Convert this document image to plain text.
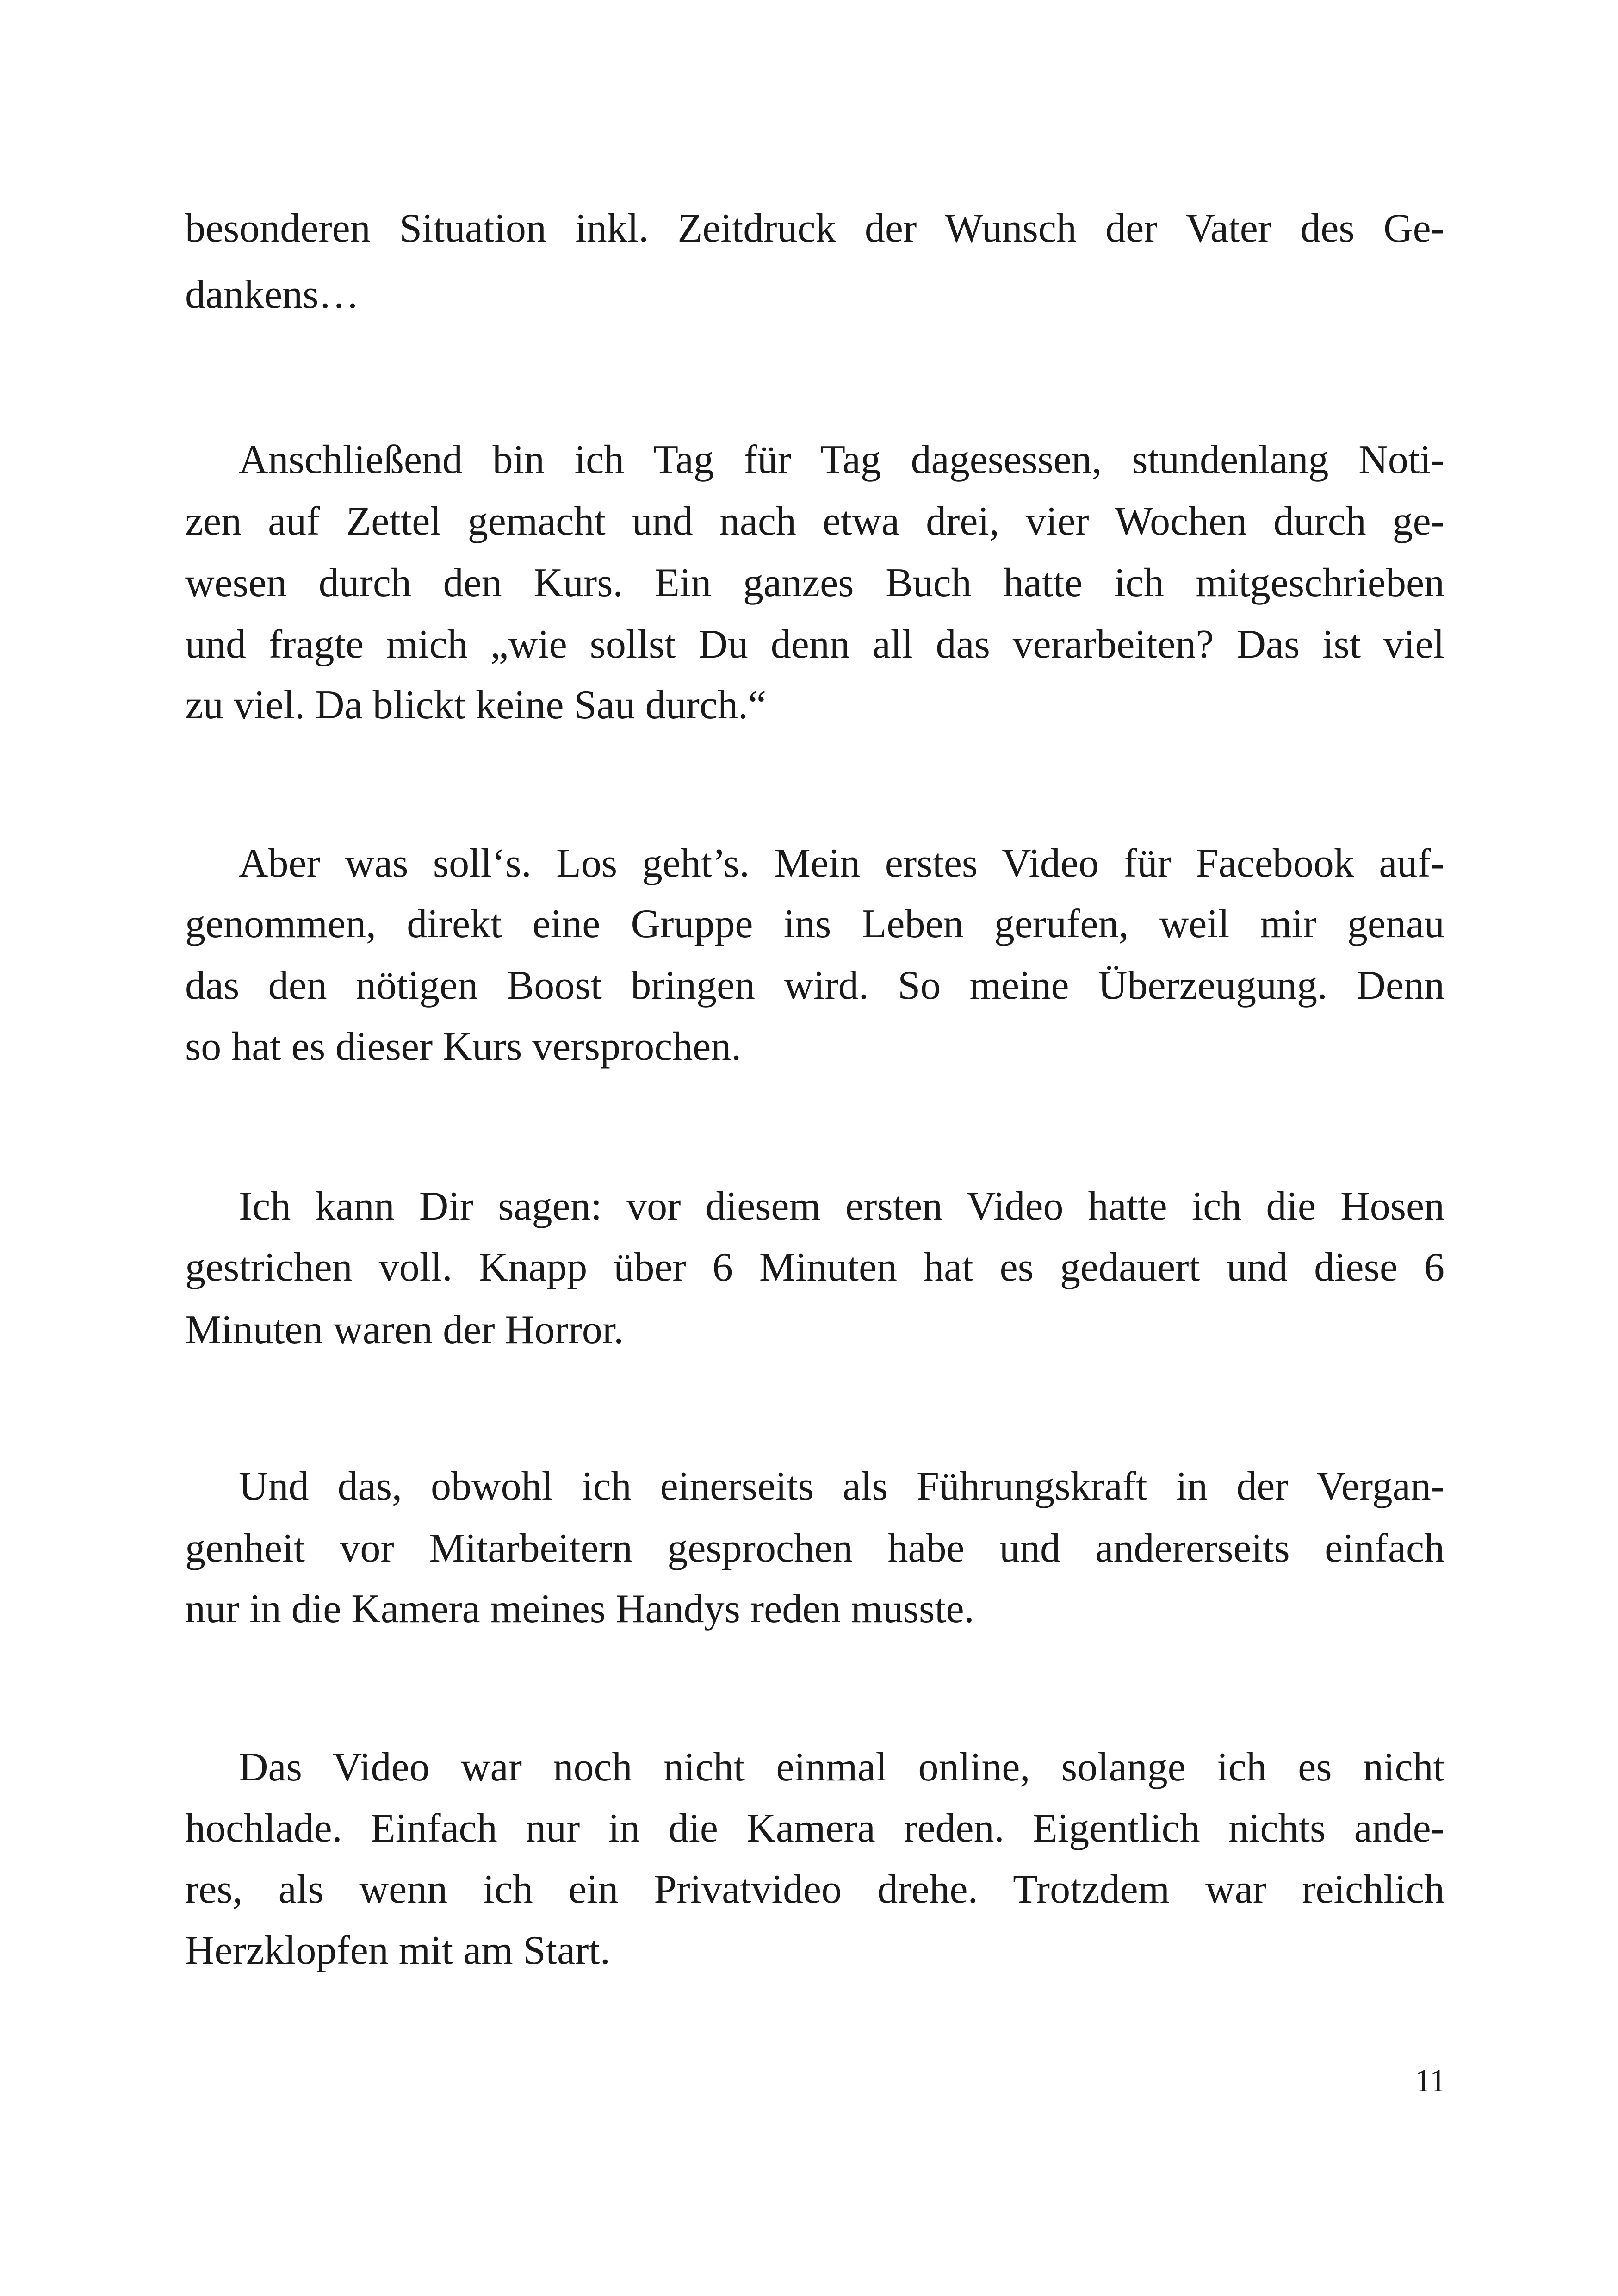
besonderen Situation inkl. Zeitdruck der Wunsch der Vater des Ge-
dankens…
Anschließend bin ich Tag für Tag dagesessen, stundenlang Noti-
zen auf Zettel gemacht und nach etwa drei, vier Wochen durch ge-
wesen durch den Kurs. Ein ganzes Buch hatte ich mitgeschrieben
und fragte mich „wie sollst Du denn all das verarbeiten? Das ist viel
zu viel. Da blickt keine Sau durch.“
Aber was soll‘s. Los geht’s. Mein erstes Video für Facebook auf-
genommen, direkt eine Gruppe ins Leben gerufen, weil mir genau
das den nötigen Boost bringen wird. So meine Überzeugung. Denn
so hat es dieser Kurs versprochen.
Ich kann Dir sagen: vor diesem ersten Video hatte ich die Hosen
gestrichen voll. Knapp über 6 Minuten hat es gedauert und diese 6
Minuten waren der Horror.
Und das, obwohl ich einerseits als Führungskraft in der Vergan-
genheit vor Mitarbeitern gesprochen habe und andererseits einfach
nur in die Kamera meines Handys reden musste.
Das Video war noch nicht einmal online, solange ich es nicht
hochlade. Einfach nur in die Kamera reden. Eigentlich nichts ande-
res, als wenn ich ein Privatvideo drehe. Trotzdem war reichlich
Herzklopfen mit am Start.
11
